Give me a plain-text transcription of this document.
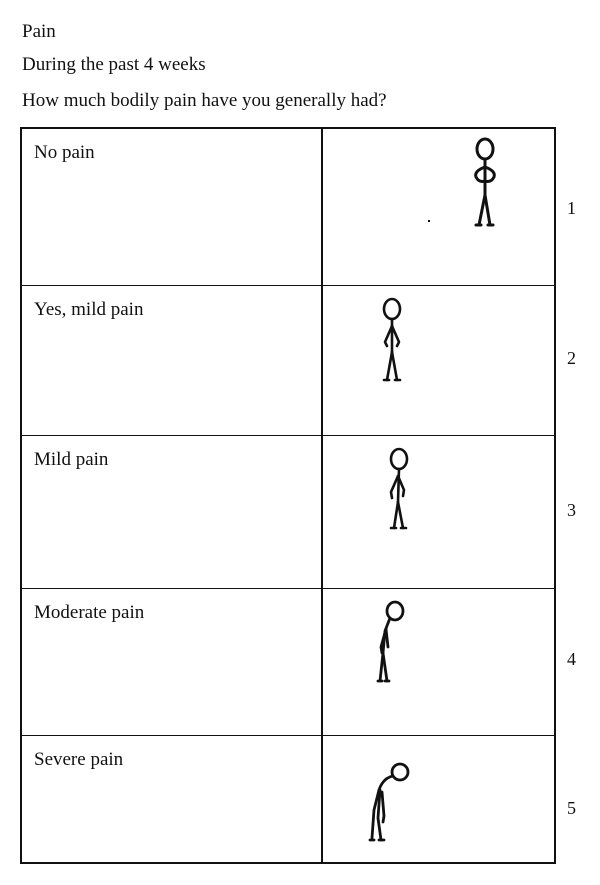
Pain
During the past 4 weeks
How much bodily pain have you generally had?
No pain
Yes, mild pain
Mild pain
Moderate pain
Severe pain
1
2
3
4
5
